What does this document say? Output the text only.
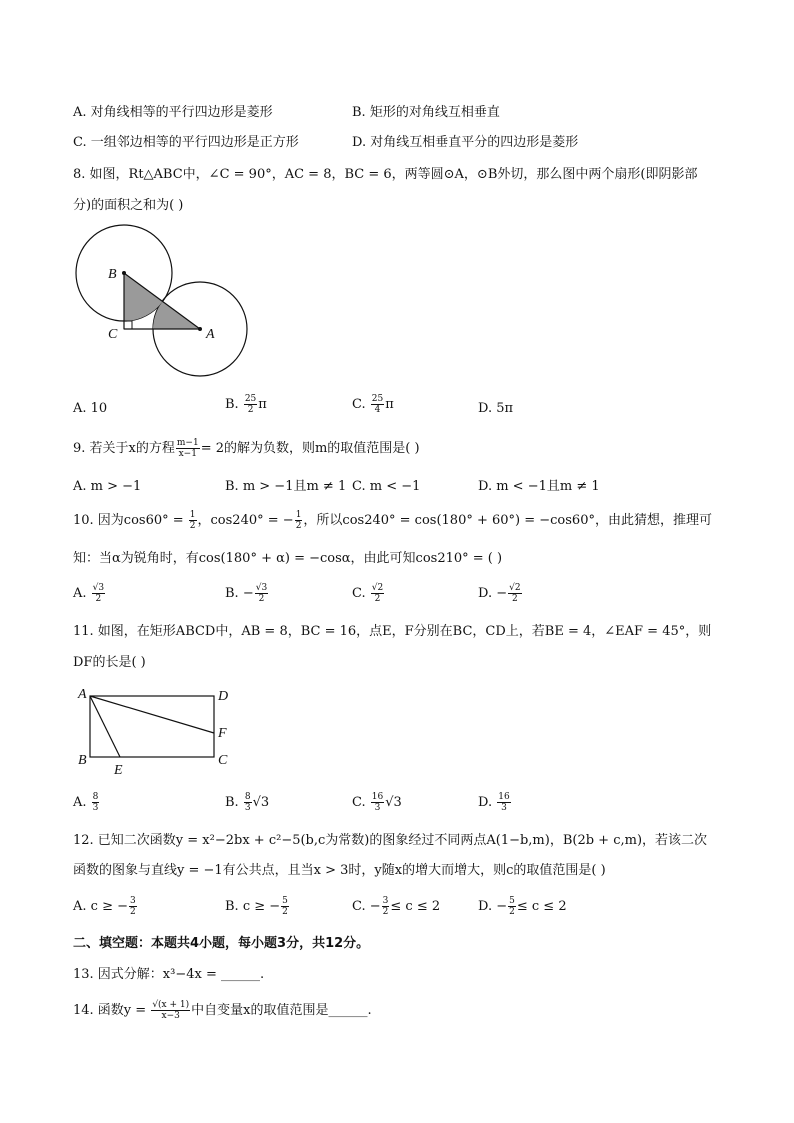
A. 对角线相等的平行四边形是菱形	B. 矩形的对角线互相垂直
C. 一组邻边相等的平行四边形是正方形	D. 对角线互相垂直平分的四边形是菱形
8. 如图，Rt△ABC中，∠C = 90°，AC = 8，BC = 6，两等圆⊙A，⊙B外切，那么图中两个扇形(即阴影部
分)的面积之和为( )
B
C	A
A. 10	B. $\frac{25}{2}$ π	C. $\frac{25}{4}$ π	D. 5π
9. 若关于x的方程 $\frac{m-1}{x-1} = 2$的解为负数，则m的取值范围是( )
A. m > −1	B. m > −1且m ≠ 1 C. m < −1	D. m < −1且m ≠ 1
10. 因为$\cos 60^\circ = \frac{1}{2}$ ，cos240° = − $\frac{1}{2}$ ，所以cos240° = cos(180° + 60°) = −cos60°，由此猜想，推理可
知：当α为锐角时，有cos(180° + α) = −cosα，由此可知cos210° = ( )
A. $\frac{√3}{2}$	B. − $\frac{√3}{2}$	C. $\frac{√2}{2}$	D. − $\frac{√2}{2}$
11. 如图，在矩形ABCD中，AB = 8，BC = 16，点E，F分别在BC，CD上，若BE = 4，∠EAF = 45°，则
DF的长是( )
A	D
F
B
E
C
A. $\frac{8}{3}$	B. $\frac{8}{3} √3$	C. $\frac{16}{3} √3$	D. $\frac{16}{3}$
12. 已知二次函数y = x²−2bx + c²−5(b,c为常数)的图象经过不同两点A(1−b,m)，B(2b + c,m)，若该二次
函数的图象与直线y = −1有公共点，且当x > 3时，y随x的增大而增大，则c的取值范围是( )
A. c ≥ − $\frac{3}{2}$	B. c ≥ − $\frac{5}{2}$	C. − $\frac{3}{2} \le c \le 2$	D. − $\frac{5}{2} \le c \le 2$
二、填空题：本题共4小题，每小题3分，共12分。
13. 因式分解：x³−4x = ______.
14. 函数$y = \frac{√(x + 1)}{x-3}$ 中自变量x的取值范围是______.
